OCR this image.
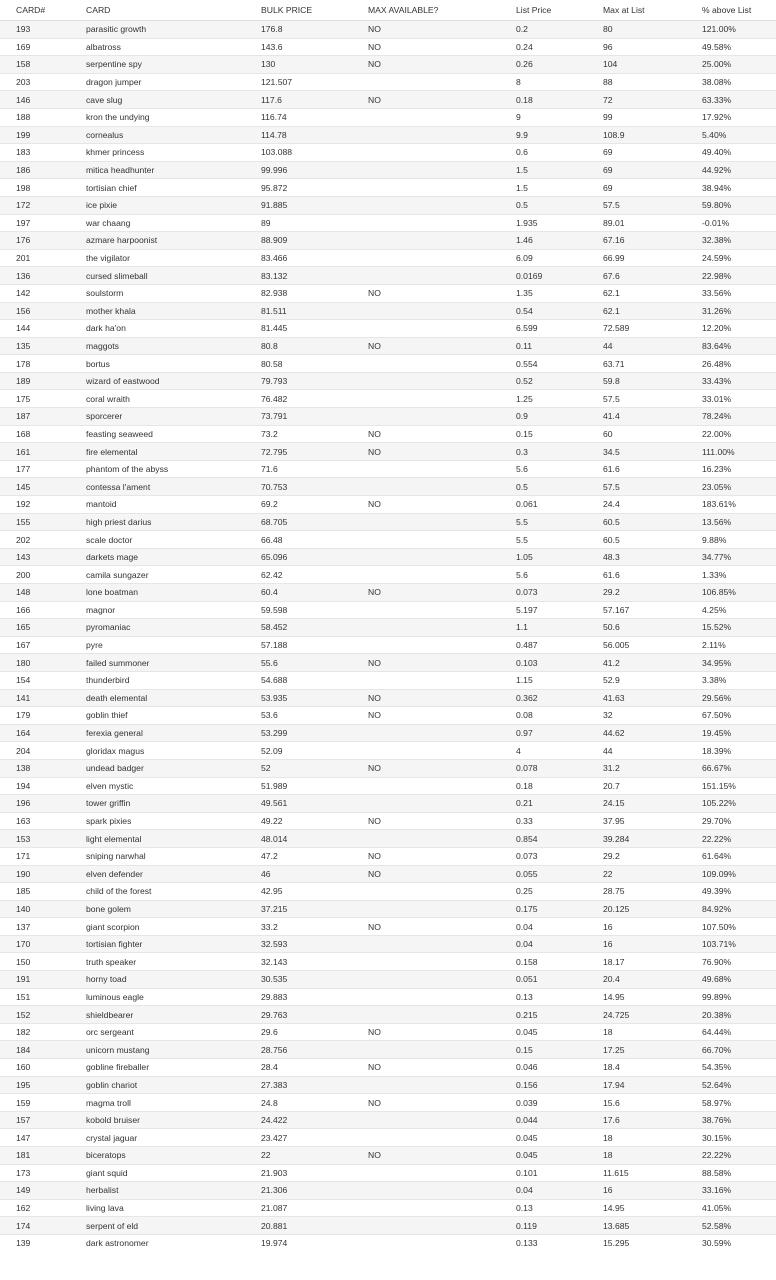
CARD#	CARD	BULK PRICE	MAX AVAILABLE?	List Price	Max at List	% above List
193	parasitic growth	176.8	NO	0.2	80	121.00%
169	albatross	143.6	NO	0.24	96	49.58%
158	serpentine spy	130	NO	0.26	104	25.00%
203	dragon jumper	121.507		8	88	38.08%
146	cave slug	117.6	NO	0.18	72	63.33%
188	kron the undying	116.74		9	99	17.92%
199	cornealus	114.78		9.9	108.9	5.40%
183	khmer princess	103.088		0.6	69	49.40%
186	mitica headhunter	99.996		1.5	69	44.92%
198	tortisian chief	95.872		1.5	69	38.94%
172	ice pixie	91.885		0.5	57.5	59.80%
197	war chaang	89		1.935	89.01	-0.01%
176	azmare harpoonist	88.909		1.46	67.16	32.38%
201	the vigilator	83.466		6.09	66.99	24.59%
136	cursed slimeball	83.132		0.0169	67.6	22.98%
142	soulstorm	82.938	NO	1.35	62.1	33.56%
156	mother khala	81.511		0.54	62.1	31.26%
144	dark ha'on	81.445		6.599	72.589	12.20%
135	maggots	80.8	NO	0.11	44	83.64%
178	bortus	80.58		0.554	63.71	26.48%
189	wizard of eastwood	79.793		0.52	59.8	33.43%
175	coral wraith	76.482		1.25	57.5	33.01%
187	sporcerer	73.791		0.9	41.4	78.24%
168	feasting seaweed	73.2	NO	0.15	60	22.00%
161	fire elemental	72.795	NO	0.3	34.5	111.00%
177	phantom of the abyss	71.6		5.6	61.6	16.23%
145	contessa l'ament	70.753		0.5	57.5	23.05%
192	mantoid	69.2	NO	0.061	24.4	183.61%
155	high priest darius	68.705		5.5	60.5	13.56%
202	scale doctor	66.48		5.5	60.5	9.88%
143	darkets mage	65.096		1.05	48.3	34.77%
200	camila sungazer	62.42		5.6	61.6	1.33%
148	lone boatman	60.4	NO	0.073	29.2	106.85%
166	magnor	59.598		5.197	57.167	4.25%
165	pyromaniac	58.452		1.1	50.6	15.52%
167	pyre	57.188		0.487	56.005	2.11%
180	failed summoner	55.6	NO	0.103	41.2	34.95%
154	thunderbird	54.688		1.15	52.9	3.38%
141	death elemental	53.935	NO	0.362	41.63	29.56%
179	goblin thief	53.6	NO	0.08	32	67.50%
164	ferexia general	53.299		0.97	44.62	19.45%
204	gloridax magus	52.09		4	44	18.39%
138	undead badger	52	NO	0.078	31.2	66.67%
194	elven mystic	51.989		0.18	20.7	151.15%
196	tower griffin	49.561		0.21	24.15	105.22%
163	spark pixies	49.22	NO	0.33	37.95	29.70%
153	light elemental	48.014		0.854	39.284	22.22%
171	sniping narwhal	47.2	NO	0.073	29.2	61.64%
190	elven defender	46	NO	0.055	22	109.09%
185	child of the forest	42.95		0.25	28.75	49.39%
140	bone golem	37.215		0.175	20.125	84.92%
137	giant scorpion	33.2	NO	0.04	16	107.50%
170	tortisian fighter	32.593		0.04	16	103.71%
150	truth speaker	32.143		0.158	18.17	76.90%
191	horny toad	30.535		0.051	20.4	49.68%
151	luminous eagle	29.883		0.13	14.95	99.89%
152	shieldbearer	29.763		0.215	24.725	20.38%
182	orc sergeant	29.6	NO	0.045	18	64.44%
184	unicorn mustang	28.756		0.15	17.25	66.70%
160	gobline fireballer	28.4	NO	0.046	18.4	54.35%
195	goblin chariot	27.383		0.156	17.94	52.64%
159	magma troll	24.8	NO	0.039	15.6	58.97%
157	kobold bruiser	24.422		0.044	17.6	38.76%
147	crystal jaguar	23.427		0.045	18	30.15%
181	biceratops	22	NO	0.045	18	22.22%
173	giant squid	21.903		0.101	11.615	88.58%
149	herbalist	21.306		0.04	16	33.16%
162	living lava	21.087		0.13	14.95	41.05%
174	serpent of eld	20.881		0.119	13.685	52.58%
139	dark astronomer	19.974		0.133	15.295	30.59%
